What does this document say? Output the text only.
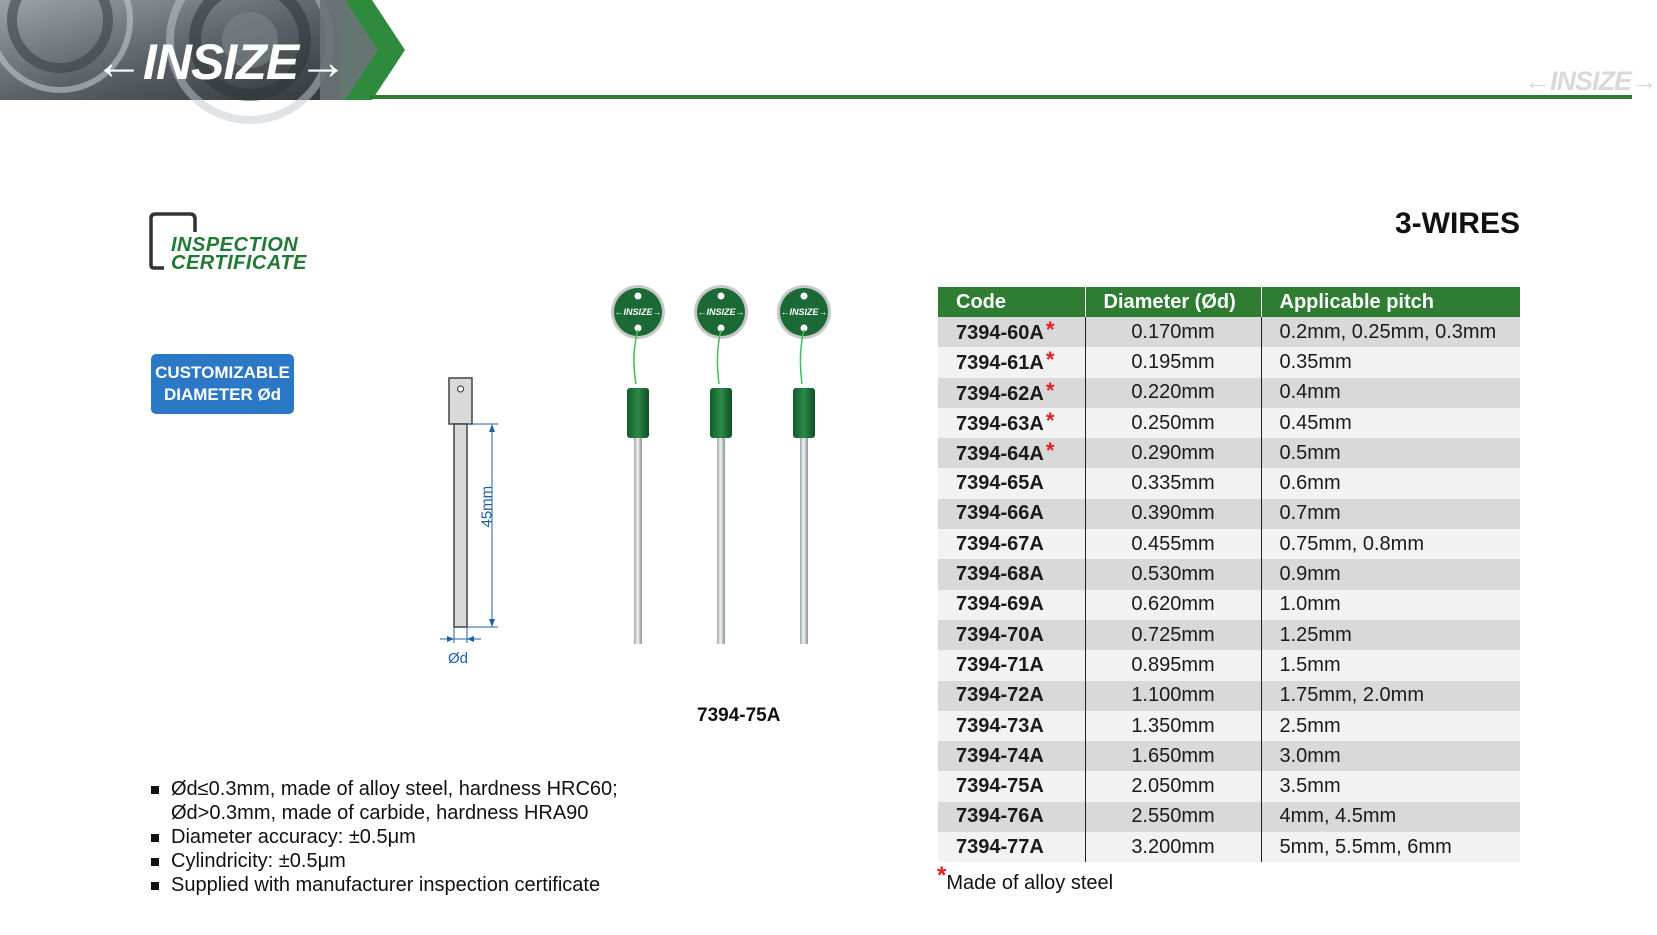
←INSIZE→	←INSIZE→
INSPECTION
CERTIFICATE
CUSTOMIZABLE
DIAMETER Ød
45mm
Ød
←INSIZE→	←INSIZE→	←INSIZE→
7394-75A
Ød≤0.3mm, made of alloy steel, hardness HRC60;
Ød>0.3mm, made of carbide, hardness HRA90
Diameter accuracy: ±0.5μm
Cylindricity: ±0.5μm
Supplied with manufacturer inspection certificate
3-WIRES
Code	Diameter (Ød)	Applicable pitch
7394-60A*	0.170mm	0.2mm, 0.25mm, 0.3mm
7394-61A*	0.195mm	0.35mm
7394-62A*	0.220mm	0.4mm
7394-63A*	0.250mm	0.45mm
7394-64A*	0.290mm	0.5mm
7394-65A	0.335mm	0.6mm
7394-66A	0.390mm	0.7mm
7394-67A	0.455mm	0.75mm, 0.8mm
7394-68A	0.530mm	0.9mm
7394-69A	0.620mm	1.0mm
7394-70A	0.725mm	1.25mm
7394-71A	0.895mm	1.5mm
7394-72A	1.100mm	1.75mm, 2.0mm
7394-73A	1.350mm	2.5mm
7394-74A	1.650mm	3.0mm
7394-75A	2.050mm	3.5mm
7394-76A	2.550mm	4mm, 4.5mm
7394-77A	3.200mm	5mm, 5.5mm, 6mm
*Made of alloy steel
